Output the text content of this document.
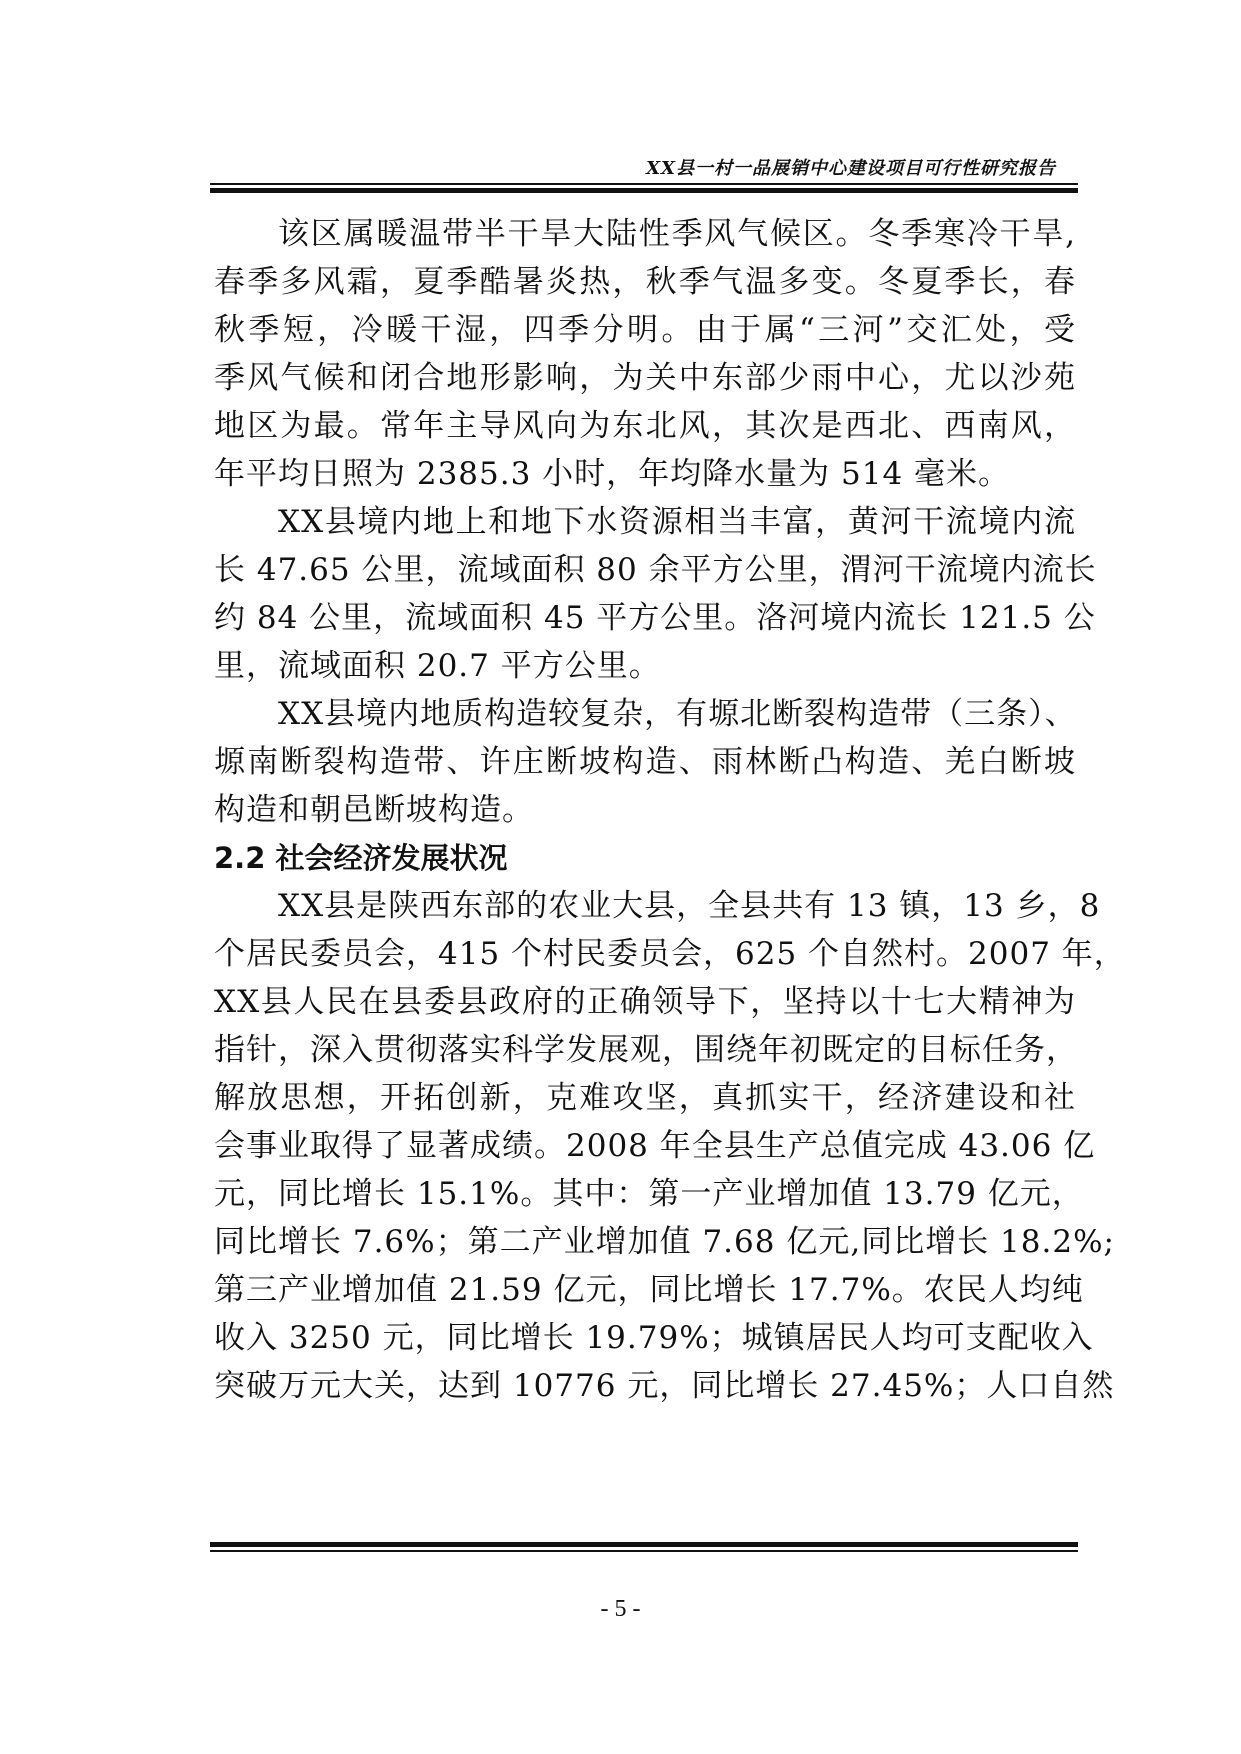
XX县一村一品展销中心建设项目可行性研究报告
该区属暖温带半干旱大陆性季风气候区。冬季寒冷干旱,
春季多风霜，夏季酷暑炎热，秋季气温多变。冬夏季长，春
秋季短，冷暖干湿，四季分明。由于属“三河”交汇处，受
季风气候和闭合地形影响，为关中东部少雨中心，尤以沙苑
地区为最。常年主导风向为东北风，其次是西北、西南风，
年平均日照为 2385.3 小时，年均降水量为 514 毫米。
XX县境内地上和地下水资源相当丰富，黄河干流境内流
长 47.65 公里，流域面积 80 余平方公里，渭河干流境内流长
约 84 公里，流域面积 45 平方公里。洛河境内流长 121.5 公
里，流域面积 20.7 平方公里。
XX县境内地质构造较复杂，有塬北断裂构造带（三条）、
塬南断裂构造带、许庄断坡构造、雨林断凸构造、羌白断坡
构造和朝邑断坡构造。
2.2 社会经济发展状况
XX县是陕西东部的农业大县，全县共有 13 镇，13 乡，8
个居民委员会，415 个村民委员会，625 个自然村。2007 年，
XX县人民在县委县政府的正确领导下，坚持以十七大精神为
指针，深入贯彻落实科学发展观，围绕年初既定的目标任务，
解放思想，开拓创新，克难攻坚，真抓实干，经济建设和社
会事业取得了显著成绩。2008 年全县生产总值完成 43.06 亿
元，同比增长 15.1%。其中：第一产业增加值 13.79 亿元，
同比增长 7.6%；第二产业增加值 7.68 亿元,同比增长 18.2%;
第三产业增加值 21.59 亿元，同比增长 17.7%。农民人均纯
收入 3250 元，同比增长 19.79%；城镇居民人均可支配收入
突破万元大关，达到 10776 元，同比增长 27.45%；人口自然
- 5 -
